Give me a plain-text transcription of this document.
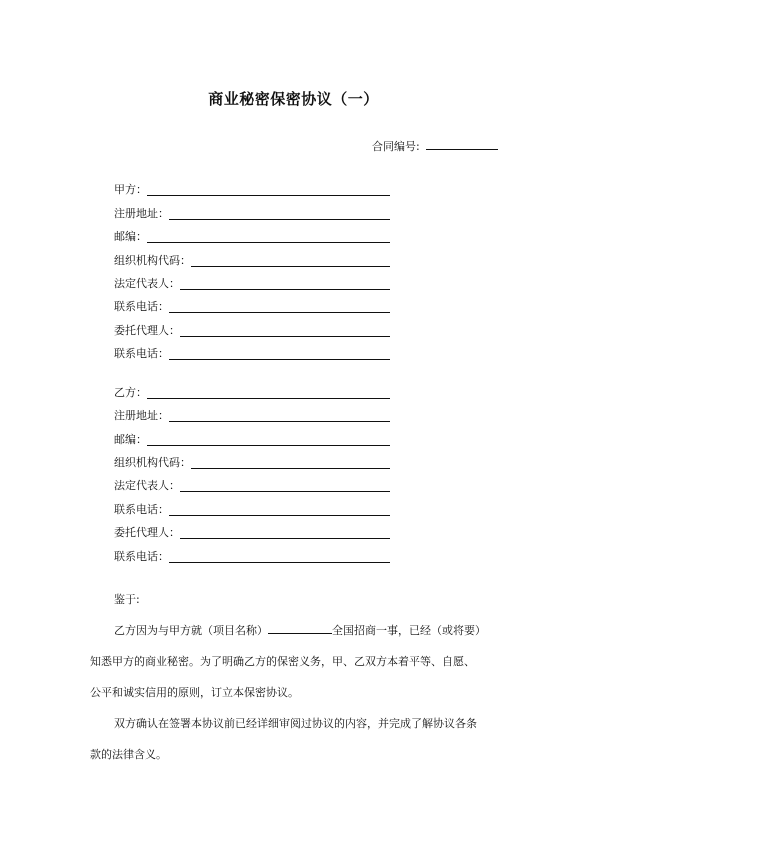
商业秘密保密协议（一）
合同编号:
甲方：
注册地址：
邮编：
组织机构代码：
法定代表人：
联系电话：
委托代理人：
联系电话：
乙方：
注册地址：
邮编：
组织机构代码：
法定代表人：
联系电话：
委托代理人：
联系电话：
鉴于:
乙方因为与甲方就（项目名称）	全国招商一事，已经（或将要）
知悉甲方的商业秘密。为了明确乙方的保密义务，甲、乙双方本着平等、自愿、
公平和诚实信用的原则，订立本保密协议。
双方确认在签署本协议前已经详细审阅过协议的内容，并完成了解协议各条
款的法律含义。
